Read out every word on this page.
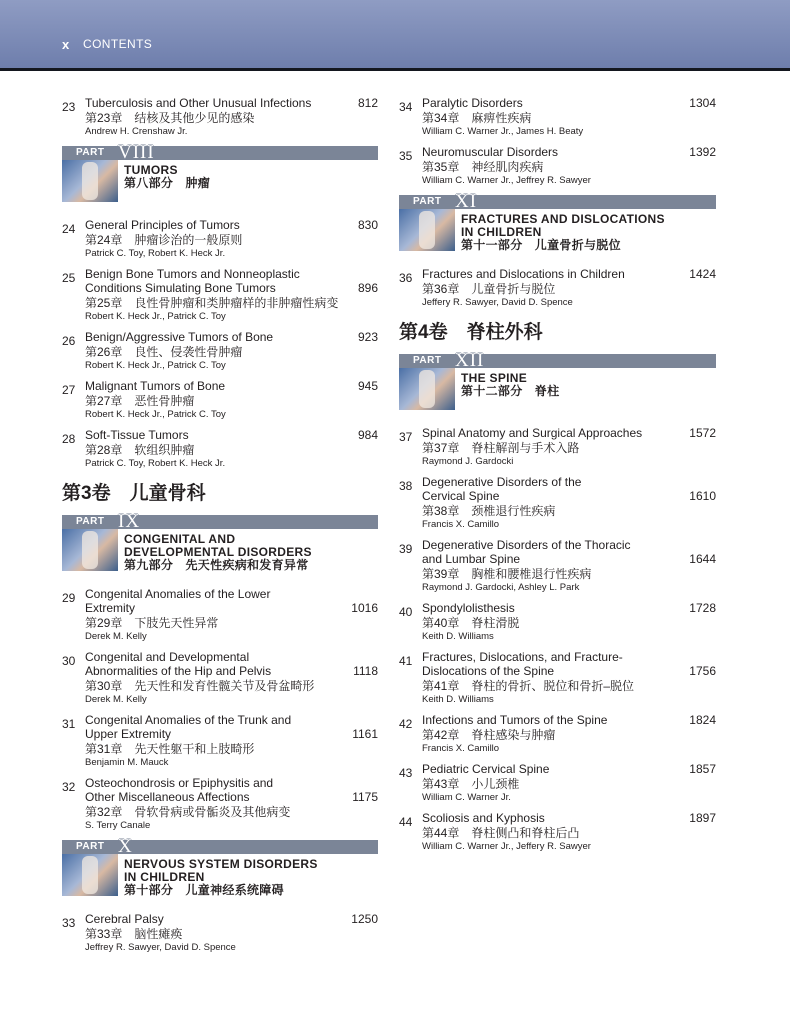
x CONTENTS
23 Tuberculosis and Other Unusual Infections
第23章　结核及其他少见的感染
Andrew H. Crenshaw Jr.
812
PART VIII
TUMORS
第八部分　肿瘤
24 General Principles of Tumors
第24章　肿瘤诊治的一般原则
Patrick C. Toy, Robert K. Heck Jr.
830
25 Benign Bone Tumors and Nonneoplastic
Conditions Simulating Bone Tumors
第25章　良性骨肿瘤和类肿瘤样的非肿瘤性病变
Robert K. Heck Jr., Patrick C. Toy
896
26 Benign/Aggressive Tumors of Bone
第26章　良性、侵袭性骨肿瘤
Robert K. Heck Jr., Patrick C. Toy
923
27 Malignant Tumors of Bone
第27章　恶性骨肿瘤
Robert K. Heck Jr., Patrick C. Toy
945
28 Soft-Tissue Tumors
第28章　软组织肿瘤
Patrick C. Toy, Robert K. Heck Jr.
984
第3卷　儿童骨科
PART IX
CONGENITAL AND
DEVELOPMENTAL DISORDERS
第九部分　先天性疾病和发育异常
29 Congenital Anomalies of the Lower
Extremity
第29章　下肢先天性异常
Derek M. Kelly
1016
30 Congenital and Developmental
Abnormalities of the Hip and Pelvis
第30章　先天性和发育性髋关节及骨盆畸形
Derek M. Kelly
1118
31 Congenital Anomalies of the Trunk and
Upper Extremity
第31章　先天性躯干和上肢畸形
Benjamin M. Mauck
1161
32 Osteochondrosis or Epiphysitis and
Other Miscellaneous Affections
第32章　骨软骨病或骨骺炎及其他病变
S. Terry Canale
1175
PART X
NERVOUS SYSTEM DISORDERS
IN CHILDREN
第十部分　儿童神经系统障碍
33 Cerebral Palsy
第33章　脑性瘫痪
Jeffrey R. Sawyer, David D. Spence
1250
34 Paralytic Disorders
第34章　麻痹性疾病
William C. Warner Jr., James H. Beaty
1304
35 Neuromuscular Disorders
第35章　神经肌肉疾病
William C. Warner Jr., Jeffrey R. Sawyer
1392
PART XI
FRACTURES AND DISLOCATIONS
IN CHILDREN
第十一部分　儿童骨折与脱位
36 Fractures and Dislocations in Children
第36章　儿童骨折与脱位
Jeffery R. Sawyer, David D. Spence
1424
第4卷　脊柱外科
PART XII
THE SPINE
第十二部分　脊柱
37 Spinal Anatomy and Surgical Approaches
第37章　脊柱解剖与手术入路
Raymond J. Gardocki
1572
38 Degenerative Disorders of the
Cervical Spine
第38章　颈椎退行性疾病
Francis X. Camillo
1610
39 Degenerative Disorders of the Thoracic
and Lumbar Spine
第39章　胸椎和腰椎退行性疾病
Raymond J. Gardocki, Ashley L. Park
1644
40 Spondylolisthesis
第40章　脊柱滑脱
Keith D. Williams
1728
41 Fractures, Dislocations, and Fracture-
Dislocations of the Spine
第41章　脊柱的骨折、脱位和骨折–脱位
Keith D. Williams
1756
42 Infections and Tumors of the Spine
第42章　脊柱感染与肿瘤
Francis X. Camillo
1824
43 Pediatric Cervical Spine
第43章　小儿颈椎
William C. Warner Jr.
1857
44 Scoliosis and Kyphosis
第44章　脊柱侧凸和脊柱后凸
William C. Warner Jr., Jeffery R. Sawyer
1897
